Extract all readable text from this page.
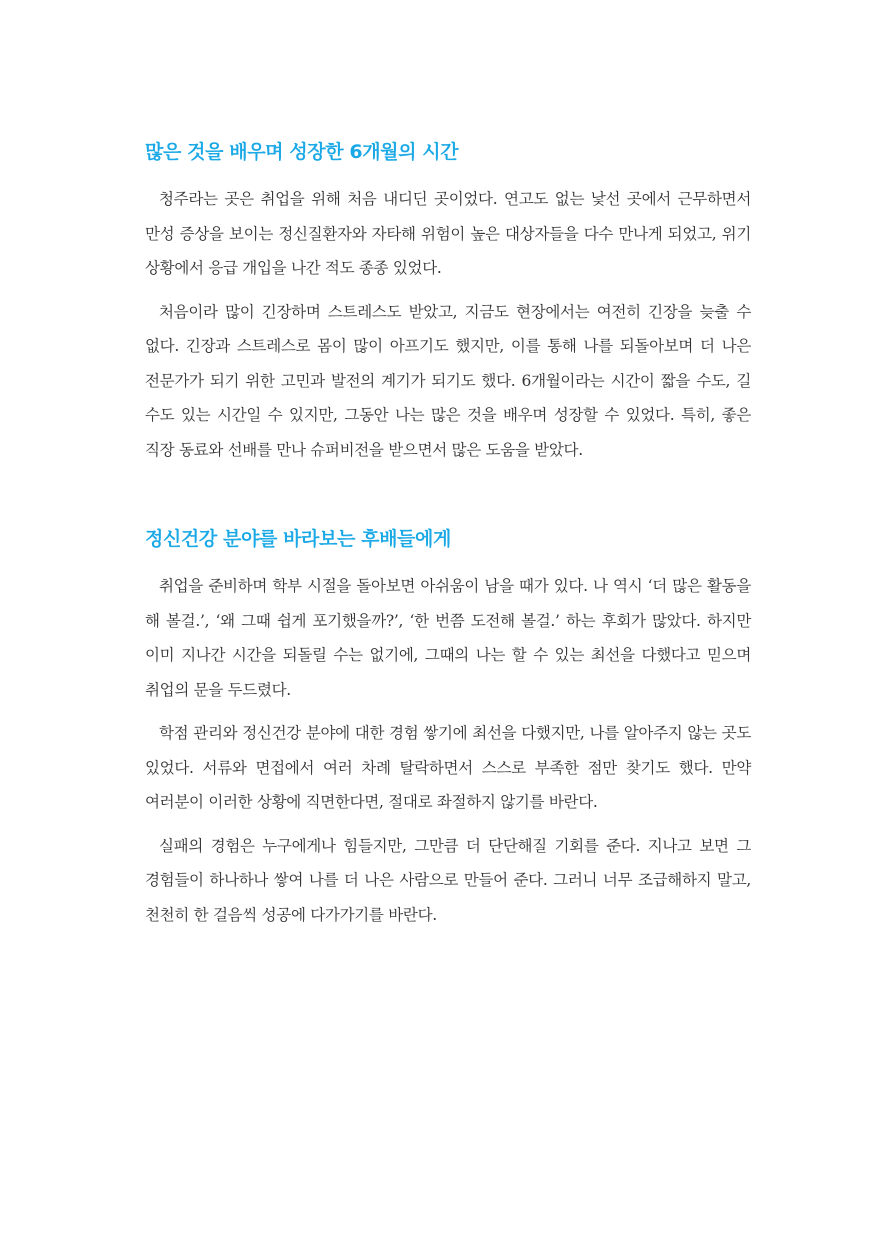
많은 것을 배우며 성장한 6개월의 시간

청주라는 곳은 취업을 위해 처음 내디딘 곳이었다. 연고도 없는 낯선 곳에서 근무하면서 만성 증상을 보이는 정신질환자와 자타해 위험이 높은 대상자들을 다수 만나게 되었고, 위기 상황에서 응급 개입을 나간 적도 종종 있었다.

처음이라 많이 긴장하며 스트레스도 받았고, 지금도 현장에서는 여전히 긴장을 늦출 수 없다. 긴장과 스트레스로 몸이 많이 아프기도 했지만, 이를 통해 나를 되돌아보며 더 나은 전문가가 되기 위한 고민과 발전의 계기가 되기도 했다. 6개월이라는 시간이 짧을 수도, 길 수도 있는 시간일 수 있지만, 그동안 나는 많은 것을 배우며 성장할 수 있었다. 특히, 좋은 직장 동료와 선배를 만나 슈퍼비전을 받으면서 많은 도움을 받았다.

정신건강 분야를 바라보는 후배들에게

취업을 준비하며 학부 시절을 돌아보면 아쉬움이 남을 때가 있다. 나 역시 ‘더 많은 활동을 해 볼걸.’, ‘왜 그때 쉽게 포기했을까?’, ‘한 번쯤 도전해 볼걸.’ 하는 후회가 많았다. 하지만 이미 지나간 시간을 되돌릴 수는 없기에, 그때의 나는 할 수 있는 최선을 다했다고 믿으며 취업의 문을 두드렸다.

학점 관리와 정신건강 분야에 대한 경험 쌓기에 최선을 다했지만, 나를 알아주지 않는 곳도 있었다. 서류와 면접에서 여러 차례 탈락하면서 스스로 부족한 점만 찾기도 했다. 만약 여러분이 이러한 상황에 직면한다면, 절대로 좌절하지 않기를 바란다.

실패의 경험은 누구에게나 힘들지만, 그만큼 더 단단해질 기회를 준다. 지나고 보면 그 경험들이 하나하나 쌓여 나를 더 나은 사람으로 만들어 준다. 그러니 너무 조급해하지 말고, 천천히 한 걸음씩 성공에 다가가기를 바란다.
